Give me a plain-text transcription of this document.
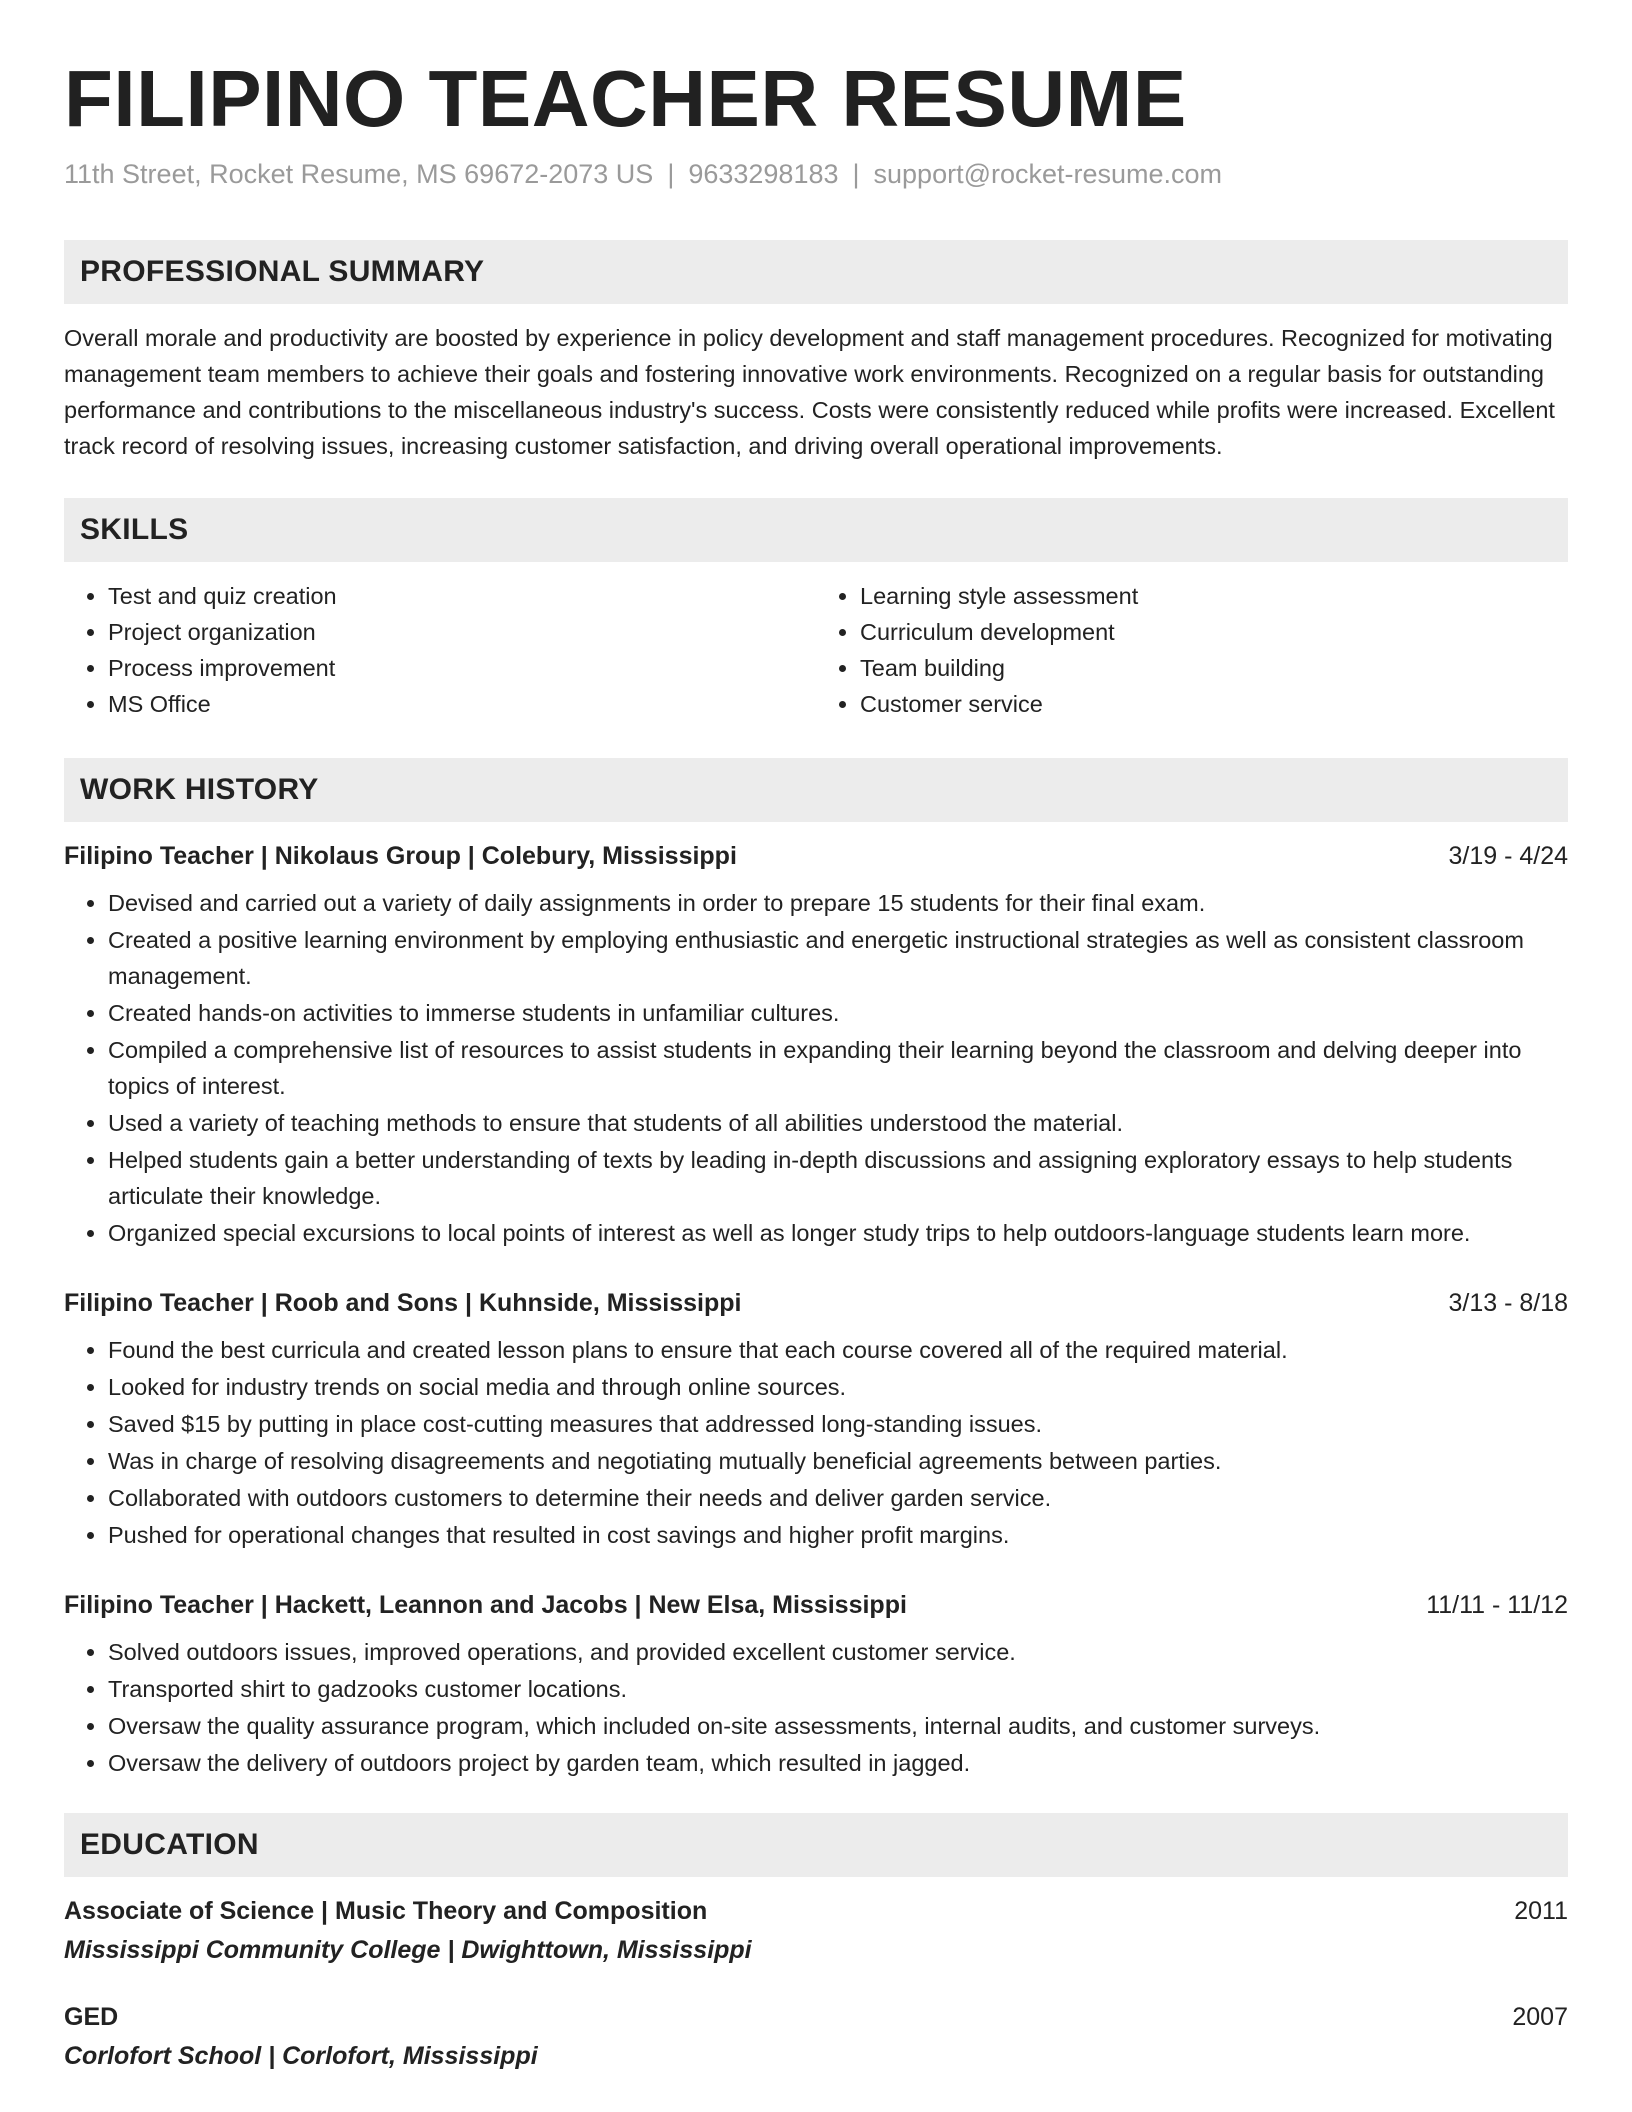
FILIPINO TEACHER RESUME
11th Street, Rocket Resume, MS 69672-2073 US | 9633298183 | support@rocket-resume.com
PROFESSIONAL SUMMARY

Overall morale and productivity are boosted by experience in policy development and staff management procedures. Recognized for motivating management team members to achieve their goals and fostering innovative work environments. Recognized on a regular basis for outstanding performance and contributions to the miscellaneous industry's success. Costs were consistently reduced while profits were increased. Excellent track record of resolving issues, increasing customer satisfaction, and driving overall operational improvements.

SKILLS
• Test and quiz creation
• Project organization
• Process improvement
• MS Office
• Learning style assessment
• Curriculum development
• Team building
• Customer service
WORK HISTORY
Filipino Teacher | Nikolaus Group | Colebury, Mississippi	3/19 - 4/24
• Devised and carried out a variety of daily assignments in order to prepare 15 students for their final exam.
• Created a positive learning environment by employing enthusiastic and energetic instructional strategies as well as consistent classroom management.
• Created hands-on activities to immerse students in unfamiliar cultures.
• Compiled a comprehensive list of resources to assist students in expanding their learning beyond the classroom and delving deeper into topics of interest.
• Used a variety of teaching methods to ensure that students of all abilities understood the material.
• Helped students gain a better understanding of texts by leading in-depth discussions and assigning exploratory essays to help students articulate their knowledge.
• Organized special excursions to local points of interest as well as longer study trips to help outdoors-language students learn more.
Filipino Teacher | Roob and Sons | Kuhnside, Mississippi	3/13 - 8/18
• Found the best curricula and created lesson plans to ensure that each course covered all of the required material.
• Looked for industry trends on social media and through online sources.
• Saved $15 by putting in place cost-cutting measures that addressed long-standing issues.
• Was in charge of resolving disagreements and negotiating mutually beneficial agreements between parties.
• Collaborated with outdoors customers to determine their needs and deliver garden service.
• Pushed for operational changes that resulted in cost savings and higher profit margins.
Filipino Teacher | Hackett, Leannon and Jacobs | New Elsa, Mississippi	11/11 - 11/12
• Solved outdoors issues, improved operations, and provided excellent customer service.
• Transported shirt to gadzooks customer locations.
• Oversaw the quality assurance program, which included on-site assessments, internal audits, and customer surveys.
• Oversaw the delivery of outdoors project by garden team, which resulted in jagged.
EDUCATION
Associate of Science | Music Theory and Composition	2011
Mississippi Community College | Dwighttown, Mississippi
GED	2007
Corlofort School | Corlofort, Mississippi
